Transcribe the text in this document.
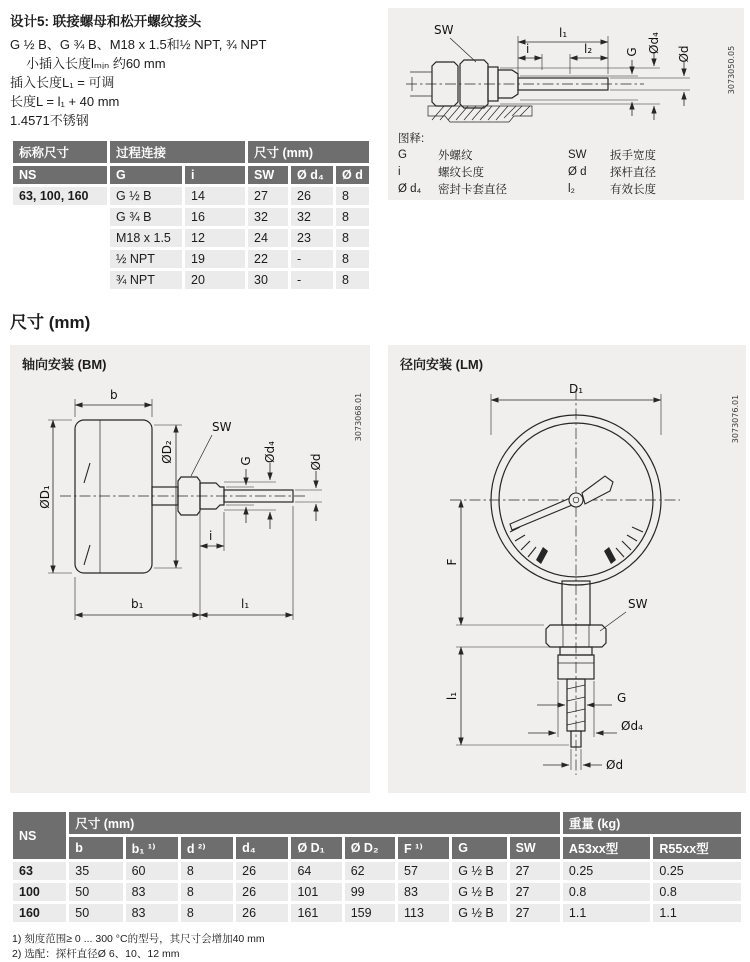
设计5: 联接螺母和松开螺纹接头
G ½ B、G ¾ B、M18 x 1.5和½ NPT, ¾ NPT
小插入长度lₘᵢₙ 约60 mm
插入长度L₁ = 可调
长度L = l₁ + 40 mm
1.4571不锈钢
标称尺寸	过程连接		尺寸 (mm)		
NS	G	i	SW	Ø d₄	Ø d
63, 100, 160	G ½ B	14	27	26	8
	G ¾ B	16	32	32	8
	M18 x 1.5	12	24	23	8
	½ NPT	19	22	-	8
	¾ NPT	20	30	-	8
SW	l₁
i	l₂	G Ød₄
Ød	3073050.05
图释:
G	外螺纹	SW	扳手宽度
i	螺纹长度	Ø d	探杆直径
Ø d₄	密封卡套直径	l₂	有效长度
尺寸 (mm)
轴向安装 (BM)
b
ØD₁
ØD₂
SW
G Ød₄	Ød
i
b₁	l₁
3073068.01
径向安装 (LM)
D₁
F
l₁
SW
G
Ød₄
Ød
3073076.01
NS	尺寸 (mm)									重量 (kg)	
	b	b₁ ¹⁾	d ²⁾	d₄	Ø D₁	Ø D₂	F ¹⁾	G	SW	A53xx型	R55xx型
63	35	60	8	26	64	62	57	G ½ B	27	0.25	0.25
100	50	83	8	26	101	99	83	G ½ B	27	0.8	0.8
160	50	83	8	26	161	159	113	G ½ B	27	1.1	1.1
1) 刻度范围≥ 0 ... 300 °C的型号，其尺寸会增加40 mm
2) 选配：探杆直径Ø 6、10、12 mm
